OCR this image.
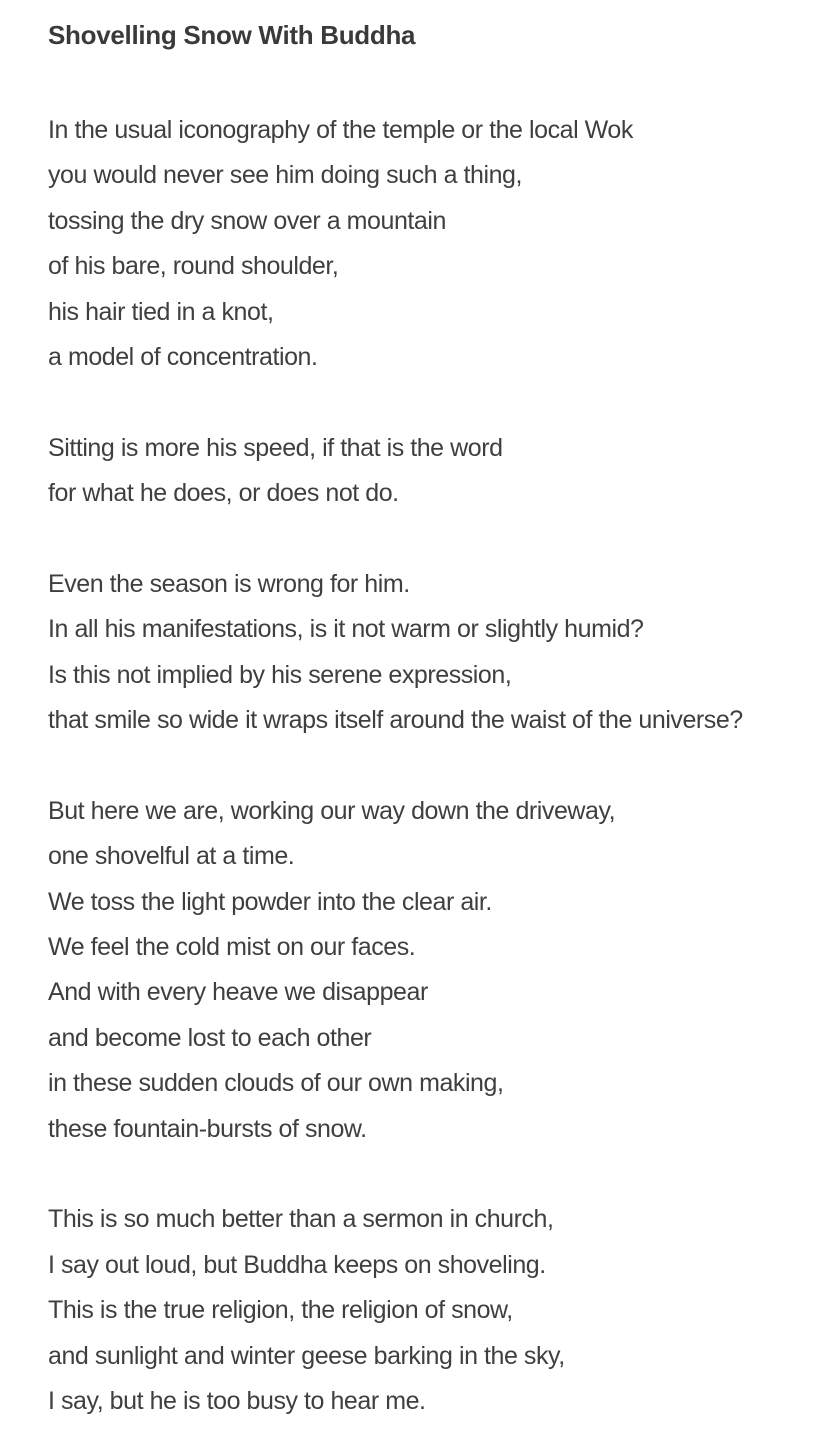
Shovelling Snow With Buddha
In the usual iconography of the temple or the local Wok
you would never see him doing such a thing,
tossing the dry snow over a mountain
of his bare, round shoulder,
his hair tied in a knot,
a model of concentration.
Sitting is more his speed, if that is the word
for what he does, or does not do.
Even the season is wrong for him.
In all his manifestations, is it not warm or slightly humid?
Is this not implied by his serene expression,
that smile so wide it wraps itself around the waist of the universe?
But here we are, working our way down the driveway,
one shovelful at a time.
We toss the light powder into the clear air.
We feel the cold mist on our faces.
And with every heave we disappear
and become lost to each other
in these sudden clouds of our own making,
these fountain-bursts of snow.
This is so much better than a sermon in church,
I say out loud, but Buddha keeps on shoveling.
This is the true religion, the religion of snow,
and sunlight and winter geese barking in the sky,
I say, but he is too busy to hear me.
